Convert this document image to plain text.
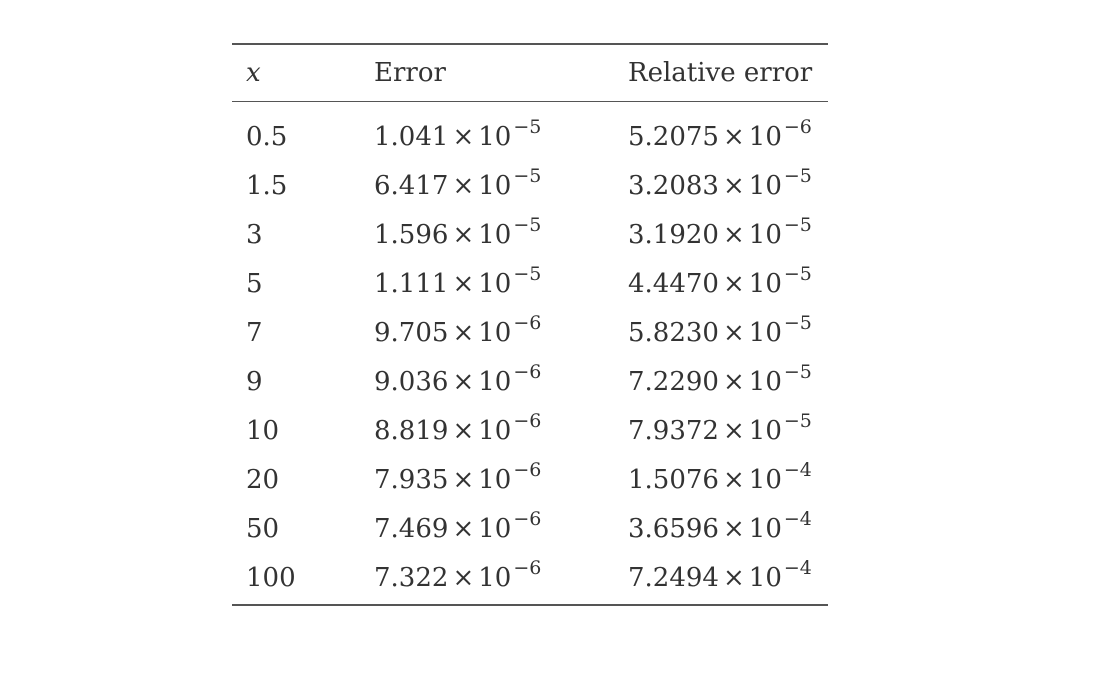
x	Error	Relative error
0.5	1.041 × 10 $^{-5}$	5.2075 × 10 $^{-6}$
1.5	6.417 × 10 $^{-5}$	3.2083 × 10 $^{-5}$
3	1.596 × 10 $^{-5}$	3.1920 × 10 $^{-5}$
5	1.111 × 10 $^{-5}$	4.4470 × 10 $^{-5}$
7	9.705 × 10 $^{-6}$	5.8230 × 10 $^{-5}$
9	9.036 × 10 $^{-6}$	7.2290 × 10 $^{-5}$
10	8.819 × 10 $^{-6}$	7.9372 × 10 $^{-5}$
20	7.935 × 10 $^{-6}$	1.5076 × 10 $^{-4}$
50	7.469 × 10 $^{-6}$	3.6596 × 10 $^{-4}$
100	7.322 × 10 $^{-6}$	7.2494 × 10 $^{-4}$
